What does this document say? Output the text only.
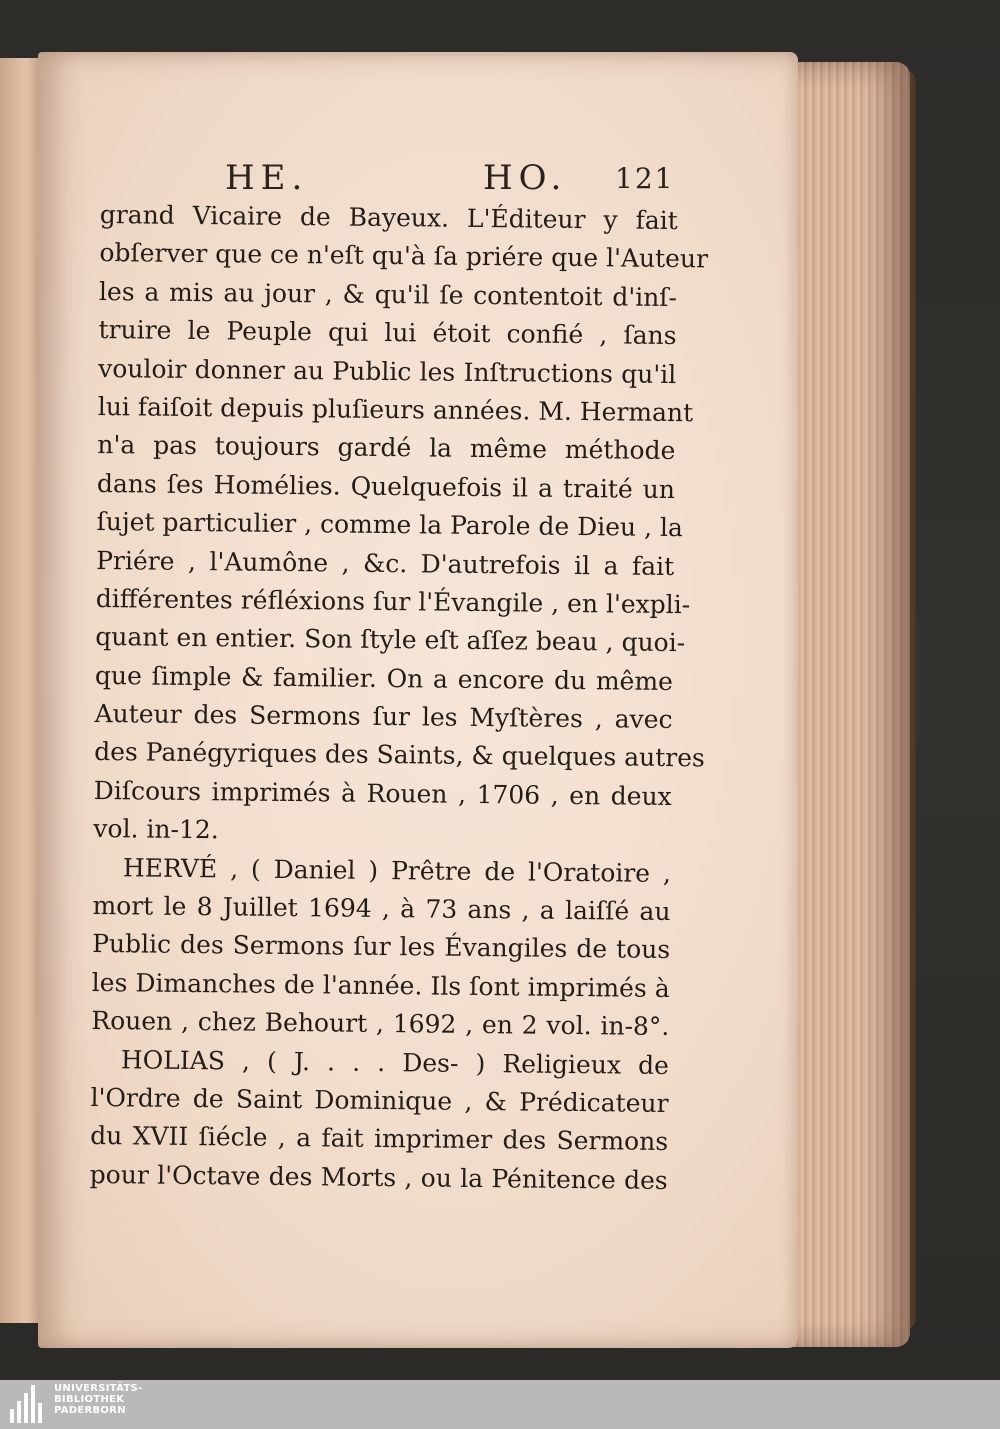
HE.	HO. 121
grand Vicaire de Bayeux. L'Éditeur y fait
obſerver que ce n'eſt qu'à ſa priére que l'Auteur
les a mis au jour , & qu'il ſe contentoit d'inſ-
truire le Peuple qui lui étoit confié , ſans
vouloir donner au Public les Inſtructions qu'il
lui faiſoit depuis pluſieurs années. M. Hermant
n'a pas toujours gardé la même méthode
dans ſes Homélies. Quelquefois il a traité un
ſujet particulier , comme la Parole de Dieu , la
Priére , l'Aumône , &c. D'autrefois il a fait
différentes réfléxions ſur l'Évangile , en l'expli-
quant en entier. Son ſtyle eſt aſſez beau , quoi-
que ſimple & familier. On a encore du même
Auteur des Sermons ſur les Myſtères , avec
des Panégyriques des Saints, & quelques autres
Diſcours imprimés à Rouen , 1706 , en deux
vol. in-12.
HERVÉ , ( Daniel ) Prêtre de l'Oratoire ,
mort le 8 Juillet 1694 , à 73 ans , a laiſſé au
Public des Sermons ſur les Évangiles de tous
les Dimanches de l'année. Ils ſont imprimés à
Rouen , chez Behourt , 1692 , en 2 vol. in-8°.
HOLIAS , ( J. . . . Des- ) Religieux de
l'Ordre de Saint Dominique , & Prédicateur
du XVII ſiécle , a fait imprimer des Sermons
pour l'Octave des Morts , ou la Pénitence des
UNIVERSITÄTS-
BIBLIOTHEK
PADERBORN
